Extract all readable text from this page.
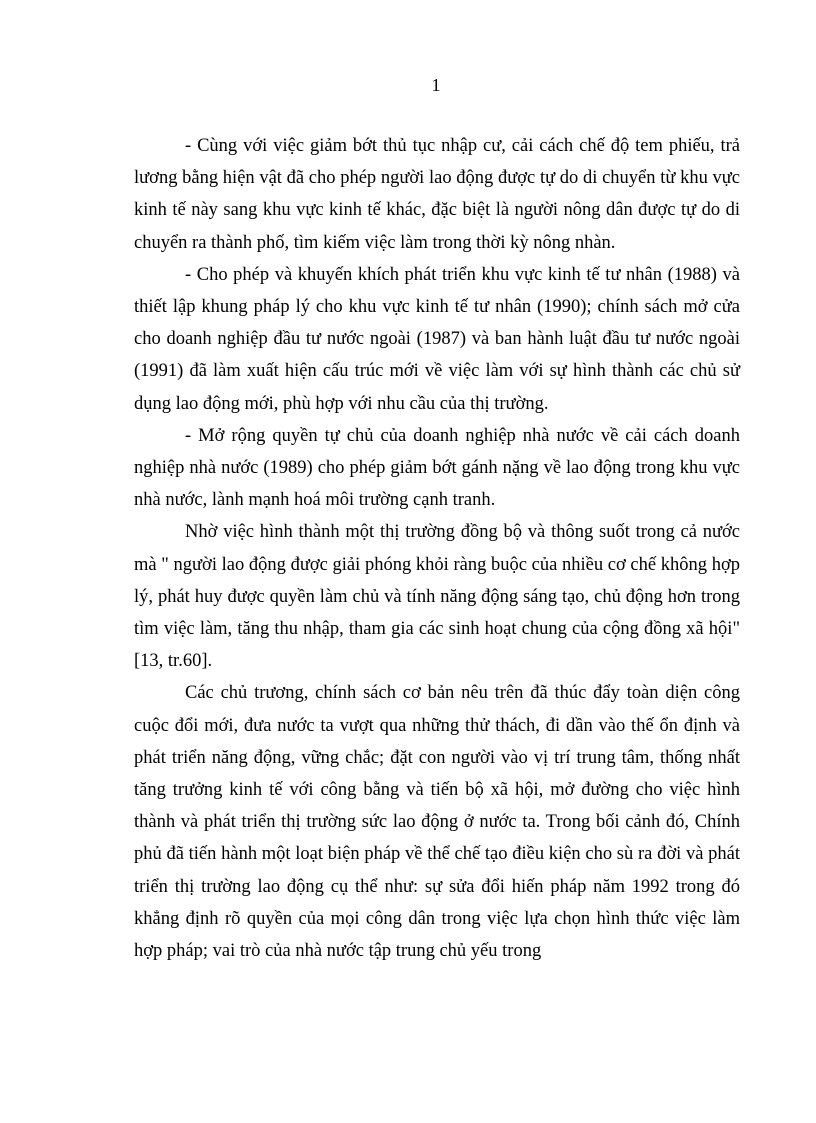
1

- Cùng với việc giảm bớt thủ tục nhập cư, cải cách chế độ tem phiếu, trả lương bằng hiện vật đã cho phép người lao động được tự do di chuyển từ khu vực kinh tế này sang khu vực kinh tế khác, đặc biệt là người nông dân được tự do di chuyển ra thành phố, tìm kiếm việc làm trong thời kỳ nông nhàn.

- Cho phép và khuyến khích phát triển khu vực kinh tế tư nhân (1988) và thiết lập khung pháp lý cho khu vực kinh tế tư nhân (1990); chính sách mở cửa cho doanh nghiệp đầu tư nước ngoài (1987) và ban hành luật đầu tư nước ngoài (1991) đã làm xuất hiện cấu trúc mới về việc làm với sự hình thành các chủ sử dụng lao động mới, phù hợp với nhu cầu của thị trường.

- Mở rộng quyền tự chủ của doanh nghiệp nhà nước về cải cách doanh nghiệp nhà nước (1989) cho phép giảm bớt gánh nặng về lao động trong khu vực nhà nước, lành mạnh hoá môi trường cạnh tranh.

Nhờ việc hình thành một thị trường đồng bộ và thông suốt trong cả nước mà " người lao động được giải phóng khỏi ràng buộc của nhiều cơ chế không hợp lý, phát huy được quyền làm chủ và tính năng động sáng tạo, chủ động hơn trong tìm việc làm, tăng thu nhập, tham gia các sinh hoạt chung của cộng đồng xã hội" [13, tr.60].

Các chủ trương, chính sách cơ bản nêu trên đã thúc đẩy toàn diện công cuộc đổi mới, đưa nước ta vượt qua những thử thách, đi dần vào thế ổn định và phát triển năng động, vững chắc; đặt con người vào vị trí trung tâm, thống nhất tăng trưởng kinh tế với công bằng và tiến bộ xã hội, mở đường cho việc hình thành và phát triển thị trường sức lao động ở nước ta. Trong bối cảnh đó, Chính phủ đã tiến hành một loạt biện pháp về thể chế tạo điều kiện cho sù ra đời và phát triển thị trường lao động cụ thể như: sự sửa đổi hiến pháp năm 1992 trong đó khẳng định rõ quyền của mọi công dân trong việc lựa chọn hình thức việc làm hợp pháp; vai trò của nhà nước tập trung chủ yếu trong
